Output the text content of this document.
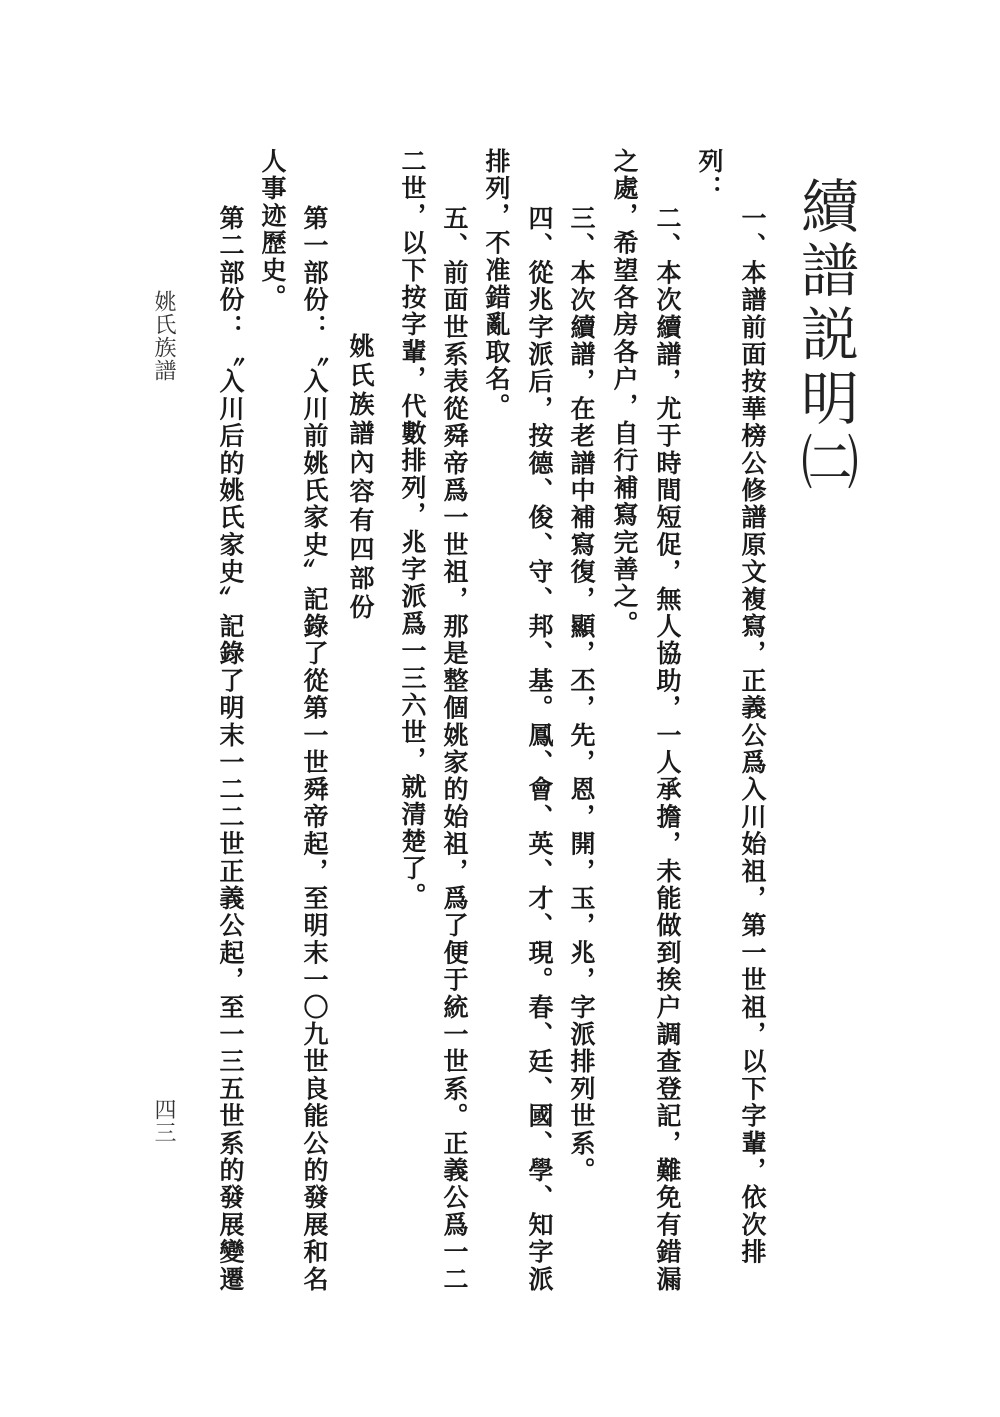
續譜説明㈡
一、本譜前面按華榜公修譜原文複寫，正義公爲入川始祖，第一世祖，以下字輩，依次排
列：
二、本次續譜，尤于時間短促，無人協助，一人承擔，未能做到挨户調查登記，難免有錯漏
之處，希望各房各户，自行補寫完善之。
三、本次續譜，在老譜中補寫復，顯，丕，先，恩，開，玉，兆，字派排列世系。
四、從兆字派后，按德、俊、守、邦、基。鳳、會、英、才、現。春、廷、國、學、知字派
排列，不准錯亂取名。
五、前面世系表從舜帝爲一世祖，那是整個姚家的始祖，爲了便于統一世系。正義公爲一二
二世，以下按字輩，代數排列，兆字派爲一三六世，就清楚了。
姚氏族譜內容有四部份
第一部份：〝入川前姚氏家史〞記錄了從第一世舜帝起，至明末一〇九世良能公的發展和名
人事迹歷史。
第二部份：〝入川后的姚氏家史〞記錄了明末一二二世正義公起，至一三五世系的發展變遷
姚氏族譜
四三
